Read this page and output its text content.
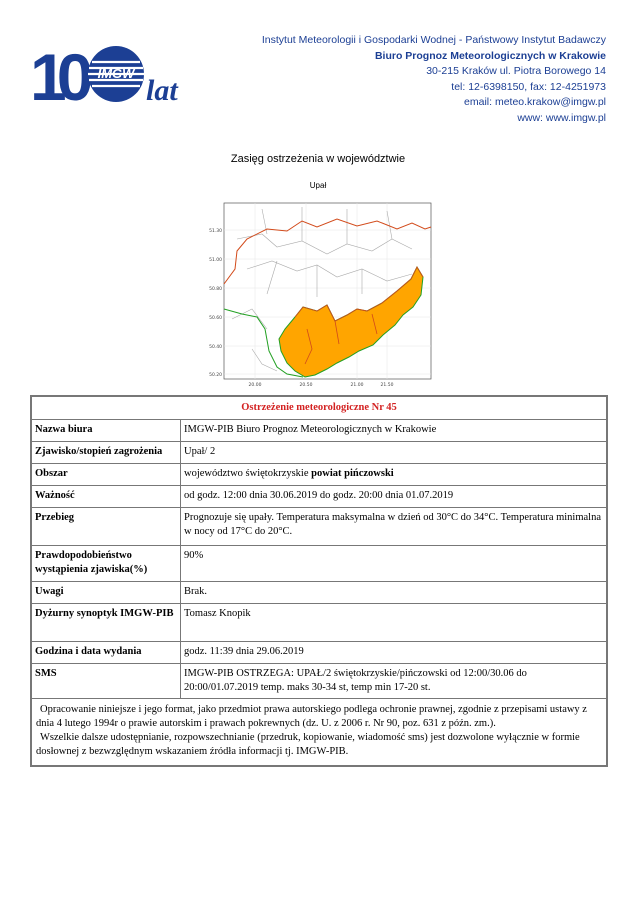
10	IMGW
lat
Instytut Meteorologii i Gospodarki Wodnej - Państwowy Instytut Badawczy
Biuro Prognoz Meteorologicznych w Krakowie
30-215 Kraków ul. Piotra Borowego 14
tel: 12-6398150, fax: 12-4251973
email: meteo.krakow@imgw.pl
www: www.imgw.pl
Zasięg ostrzeżenia w województwie
Upał
51.30
51.00
50.80
50.60
50.40
50.20
20.00	20.50	21.00	21.50
Ostrzeżenie meteorologiczne Nr 45	
Nazwa biura	IMGW-PIB Biuro Prognoz Meteorologicznych w Krakowie
Zjawisko/stopień zagrożenia	Upał/ 2
Obszar	województwo świętokrzyskie powiat pińczowski
Ważność	od godz. 12:00 dnia 30.06.2019 do godz. 20:00 dnia 01.07.2019
Przebieg	Prognozuje się upały. Temperatura maksymalna w dzień od 30°C do 34°C. Temperatura minimalna w nocy od 17°C do 20°C.
Prawdopodobieństwo wystąpienia zjawiska(%)	90%
Uwagi	Brak.
Dyżurny synoptyk IMGW-PIB	Tomasz Knopik
Godzina i data wydania	godz. 11:39 dnia 29.06.2019
SMS	IMGW-PIB OSTRZEGA: UPAŁ/2 świętokrzyskie/pińczowski od 12:00/30.06 do 20:00/01.07.2019 temp. maks 30-34 st, temp min 17-20 st.

Opracowanie niniejsze i jego format, jako przedmiot prawa autorskiego podlega ochronie prawnej, zgodnie z przepisami ustawy z dnia 4 lutego 1994r o prawie autorskim i prawach pokrewnych (dz. U. z 2006 r. Nr 90, poz. 631 z późn. zm.).
Wszelkie dalsze udostępnianie, rozpowszechnianie (przedruk, kopiowanie, wiadomość sms) jest dozwolone wyłącznie w formie dosłownej z bezwzględnym wskazaniem źródła informacji tj. IMGW-PIB.	
